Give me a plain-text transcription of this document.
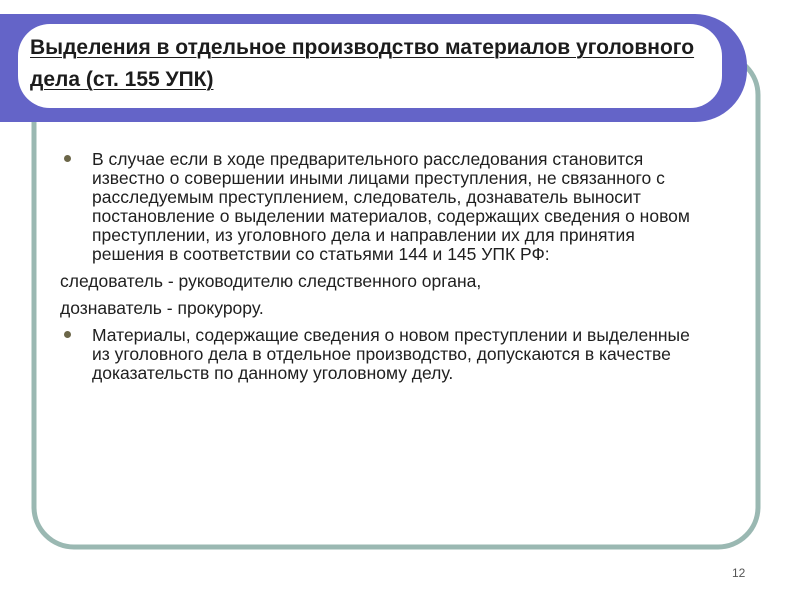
Выделения в отдельное производство материалов уголовного дела (ст. 155 УПК)

В случае если в ходе предварительного расследования становится известно о совершении иными лицами преступления, не связанного с расследуемым преступлением, следователь, дознаватель выносит постановление о выделении материалов, содержащих сведения о новом преступлении, из уголовного дела и направлении их для принятия решения в соответствии со статьями 144 и 145 УПК РФ:

следователь - руководителю следственного органа,

дознаватель - прокурору.

Материалы, содержащие сведения о новом преступлении и выделенные из уголовного дела в отдельное производство, допускаются в качестве доказательств по данному уголовному делу.

12
